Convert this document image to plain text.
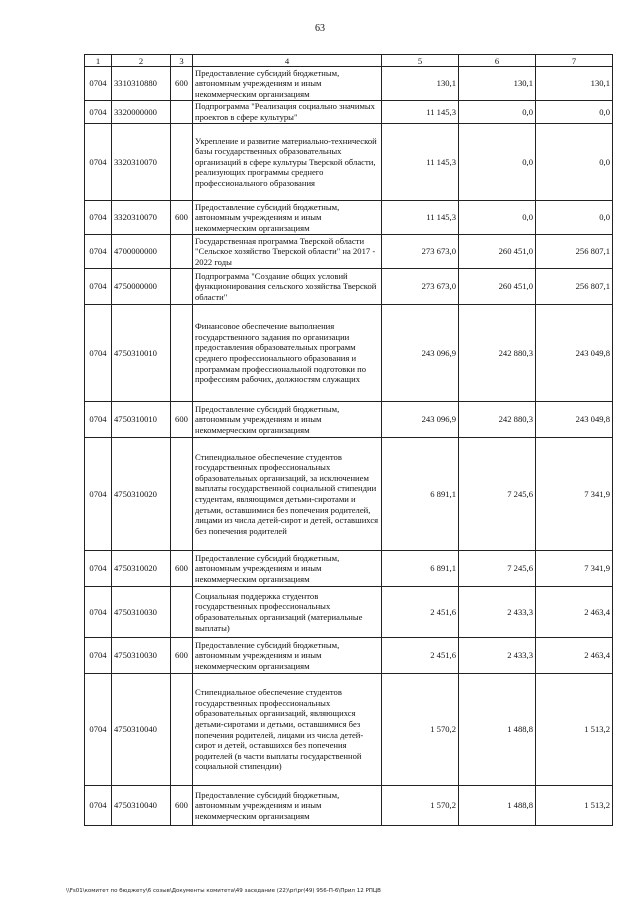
63
1	2	3	4	5	6	7
0704	3310310880	600	Предоставление субсидий бюджетным, автономным учреждениям и иным некоммерческим организациям	130,1	130,1	130,1
0704	3320000000		Подпрограмма "Реализация социально значимых проектов в сфере культуры"	11 145,3	0,0	0,0
0704	3320310070		Укрепление и развитие материально-технической базы государственных образовательных организаций в сфере культуры Тверской области, реализующих программы среднего профессионального образования	11 145,3	0,0	0,0
0704	3320310070	600	Предоставление субсидий бюджетным, автономным учреждениям и иным некоммерческим организациям	11 145,3	0,0	0,0
0704	4700000000		Государственная программа Тверской области "Сельское хозяйство Тверской области" на 2017 - 2022 годы	273 673,0	260 451,0	256 807,1
0704	4750000000		Подпрограмма "Создание общих условий функционирования сельского хозяйства Тверской области"	273 673,0	260 451,0	256 807,1
0704	4750310010		Финансовое обеспечение выполнения государственного задания по организации предоставления образовательных программ среднего профессионального образования и программам профессиональной подготовки по профессиям рабочих, должностям служащих	243 096,9	242 880,3	243 049,8
0704	4750310010	600	Предоставление субсидий бюджетным, автономным учреждениям и иным некоммерческим организациям	243 096,9	242 880,3	243 049,8
0704	4750310020		Стипендиальное обеспечение студентов государственных профессиональных образовательных организаций, за исключением выплаты государственной социальной стипендии студентам, являющимся детьми-сиротами и детьми, оставшимися без попечения родителей, лицами из числа детей-сирот и детей, оставшихся без попечения родителей	6 891,1	7 245,6	7 341,9
0704	4750310020	600	Предоставление субсидий бюджетным, автономным учреждениям и иным некоммерческим организациям	6 891,1	7 245,6	7 341,9
0704	4750310030		Социальная поддержка студентов государственных профессиональных образовательных организаций (материальные выплаты)	2 451,6	2 433,3	2 463,4
0704	4750310030	600	Предоставление субсидий бюджетным, автономным учреждениям и иным некоммерческим организациям	2 451,6	2 433,3	2 463,4
0704	4750310040		Стипендиальное обеспечение студентов государственных профессиональных образовательных организаций, являющихся детьми-сиротами и детьми, оставшимися без попечения родителей, лицами из числа детей-сирот и детей, оставшихся без попечения родителей (в части выплаты государственной социальной стипендии)	1 570,2	1 488,8	1 513,2
0704	4750310040	600	Предоставление субсидий бюджетным, автономным учреждениям и иным некоммерческим организациям	1 570,2	1 488,8	1 513,2
\\Fs01\комитет по бюджету\6 созыв\Документы комитета\49 заседание (22)\pr\pr(49) 956-П-6\Прил 12 РПЦВ
